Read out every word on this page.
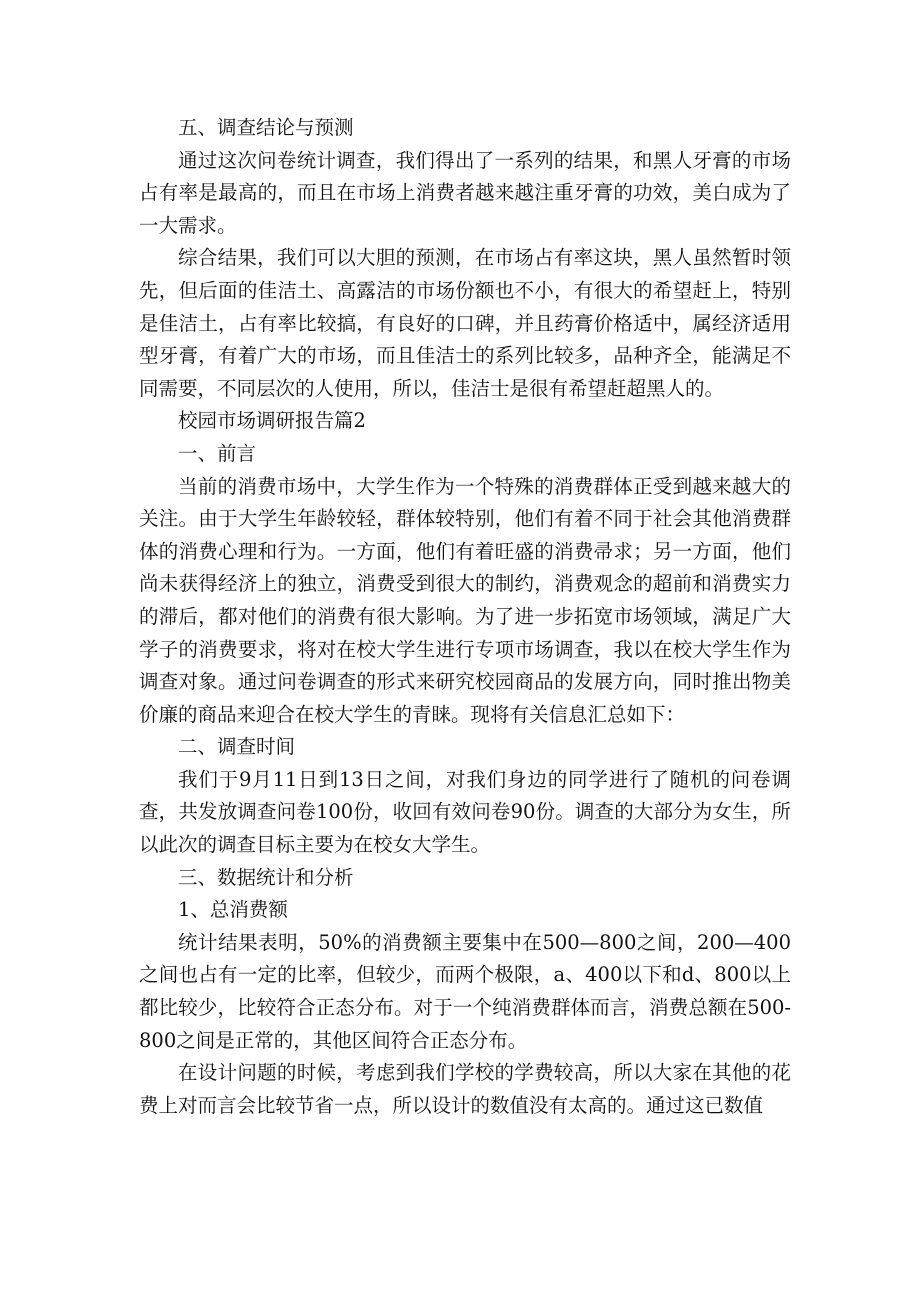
五、调查结论与预测

通过这次问卷统计调查，我们得出了一系列的结果，和黑人牙膏的市场占有率是最高的，而且在市场上消费者越来越注重牙膏的功效，美白成为了一大需求。

综合结果，我们可以大胆的预测，在市场占有率这块，黑人虽然暂时领先，但后面的佳洁土、高露洁的市场份额也不小，有很大的希望赶上，特别是佳洁土，占有率比较搞，有良好的口碑，并且药膏价格适中，属经济适用型牙膏，有着广大的市场，而且佳洁士的系列比较多，品种齐全，能满足不同需要，不同层次的人使用，所以，佳洁士是很有希望赶超黑人的。

校园市场调研报告篇2

一、前言

当前的消费市场中，大学生作为一个特殊的消费群体正受到越来越大的关注。由于大学生年龄较轻，群体较特别，他们有着不同于社会其他消费群体的消费心理和行为。一方面，他们有着旺盛的消费帚求；另一方面，他们尚未获得经济上的独立，消费受到很大的制约，消费观念的超前和消费实力的滞后，都对他们的消费有很大影响。为了进一步拓宽市场领域，满足广大学子的消费要求，将对在校大学生进行专项市场调查，我以在校大学生作为调查对象。通过问卷调查的形式来研究校园商品的发展方向，同时推出物美价廉的商品来迎合在校大学生的青睐。现将有关信息汇总如下：

二、调查时间

我们于9月11日到13日之间，对我们身边的同学进行了随机的问卷调查，共发放调查问卷100份，收回有效问卷90份。调查的大部分为女生，所以此次的调查目标主要为在校女大学生。

三、数据统计和分析

1、总消费额

统计结果表明，50%的消费额主要集中在500—800之间，200—400之间也占有一定的比率，但较少，而两个极限，a、400以下和d、800以上都比较少，比较符合正态分布。对于一个纯消费群体而言，消费总额在500-800之间是正常的，其他区间符合正态分布。

在设计问题的时候，考虑到我们学校的学费较高，所以大家在其他的花费上对而言会比较节省一点，所以设计的数值没有太高的。通过这已数值
